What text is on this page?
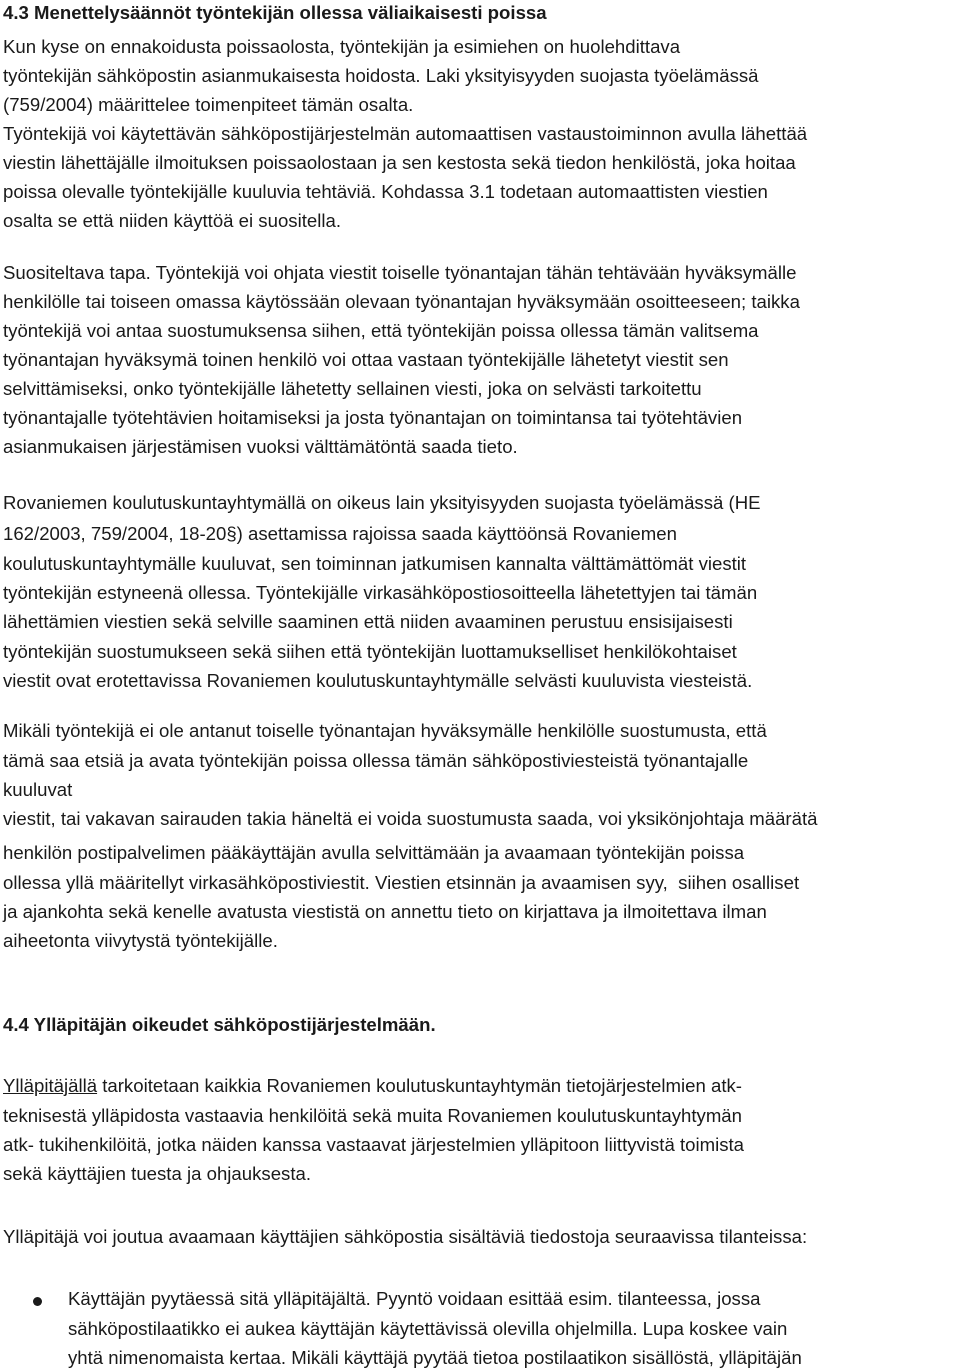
4.3 Menettelysäännöt työntekijän ollessa väliaikaisesti poissa
Kun kyse on ennakoidusta poissaolosta, työntekijän ja esimiehen on huolehdittava
työntekijän sähköpostin asianmukaisesta hoidosta. Laki yksityisyyden suojasta työelämässä
(759/2004) määrittelee toimenpiteet tämän osalta.
Työntekijä voi käytettävän sähköpostijärjestelmän automaattisen vastaustoiminnon avulla lähettää
viestin lähettäjälle ilmoituksen poissaolostaan ja sen kestosta sekä tiedon henkilöstä, joka hoitaa
poissa olevalle työntekijälle kuuluvia tehtäviä. Kohdassa 3.1 todetaan automaattisten viestien
osalta se että niiden käyttöä ei suositella.
Suositeltava tapa. Työntekijä voi ohjata viestit toiselle työnantajan tähän tehtävään hyväksymälle
henkilölle tai toiseen omassa käytössään olevaan työnantajan hyväksymään osoitteeseen; taikka
työntekijä voi antaa suostumuksensa siihen, että työntekijän poissa ollessa tämän valitsema
työnantajan hyväksymä toinen henkilö voi ottaa vastaan työntekijälle lähetetyt viestit sen
selvittämiseksi, onko työntekijälle lähetetty sellainen viesti, joka on selvästi tarkoitettu
työnantajalle työtehtävien hoitamiseksi ja josta työnantajan on toimintansa tai työtehtävien
asianmukaisen järjestämisen vuoksi välttämätöntä saada tieto.
Rovaniemen koulutuskuntayhtymällä on oikeus lain yksityisyyden suojasta työelämässä (HE
162/2003, 759/2004, 18-20§) asettamissa rajoissa saada käyttöönsä Rovaniemen
koulutuskuntayhtymälle kuuluvat, sen toiminnan jatkumisen kannalta välttämättömät viestit
työntekijän estyneenä ollessa. Työntekijälle virkasähköpostiosoitteella lähetettyjen tai tämän
lähettämien viestien sekä selville saaminen että niiden avaaminen perustuu ensisijaisesti
työntekijän suostumukseen sekä siihen että työntekijän luottamukselliset henkilökohtaiset
viestit ovat erotettavissa Rovaniemen koulutuskuntayhtymälle selvästi kuuluvista viesteistä.
Mikäli työntekijä ei ole antanut toiselle työnantajan hyväksymälle henkilölle suostumusta, että
tämä saa etsiä ja avata työntekijän poissa ollessa tämän sähköpostiviesteistä työnantajalle
kuuluvat
viestit, tai vakavan sairauden takia häneltä ei voida suostumusta saada, voi yksikönjohtaja määrätä
henkilön postipalvelimen pääkäyttäjän avulla selvittämään ja avaamaan työntekijän poissa
ollessa yllä määritellyt virkasähköpostiviestit. Viestien etsinnän ja avaamisen syy,  siihen osalliset
ja ajankohta sekä kenelle avatusta viestistä on annettu tieto on kirjattava ja ilmoitettava ilman
aiheetonta viivytystä työntekijälle.
4.4 Ylläpitäjän oikeudet sähköpostijärjestelmään.
Ylläpitäjällä tarkoitetaan kaikkia Rovaniemen koulutuskuntayhtymän tietojärjestelmien atk-
teknisestä ylläpidosta vastaavia henkilöitä sekä muita Rovaniemen koulutuskuntayhtymän
atk- tukihenkilöitä, jotka näiden kanssa vastaavat järjestelmien ylläpitoon liittyvistä toimista
sekä käyttäjien tuesta ja ohjauksesta.
Ylläpitäjä voi joutua avaamaan käyttäjien sähköpostia sisältäviä tiedostoja seuraavissa tilanteissa:
Käyttäjän pyytäessä sitä ylläpitäjältä. Pyyntö voidaan esittää esim. tilanteessa, jossa
sähköpostilaatikko ei aukea käyttäjän käytettävissä olevilla ohjelmilla. Lupa koskee vain
yhtä nimenomaista kertaa. Mikäli käyttäjä pyytää tietoa postilaatikon sisällöstä, ylläpitäjän
